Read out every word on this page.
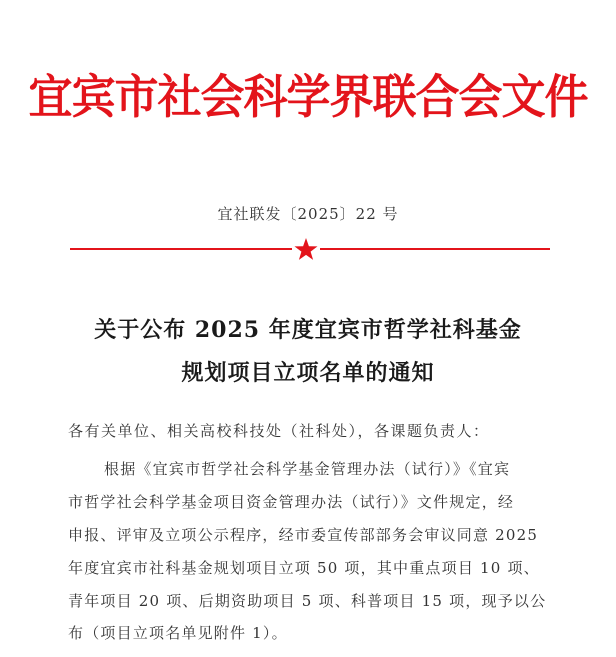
宜宾市社会科学界联合会文件
宜社联发〔2025〕22 号
关于公布 2025 年度宜宾市哲学社科基金
规划项目立项名单的通知
各有关单位、相关高校科技处（社科处），各课题负责人：
根据《宜宾市哲学社会科学基金管理办法（试行）》《宜宾
市哲学社会科学基金项目资金管理办法（试行）》文件规定，经
申报、评审及立项公示程序，经市委宣传部部务会审议同意 2025
年度宜宾市社科基金规划项目立项 50 项，其中重点项目 10 项、
青年项目 20 项、后期资助项目 5 项、科普项目 15 项，现予以公
布（项目立项名单见附件 1）。
